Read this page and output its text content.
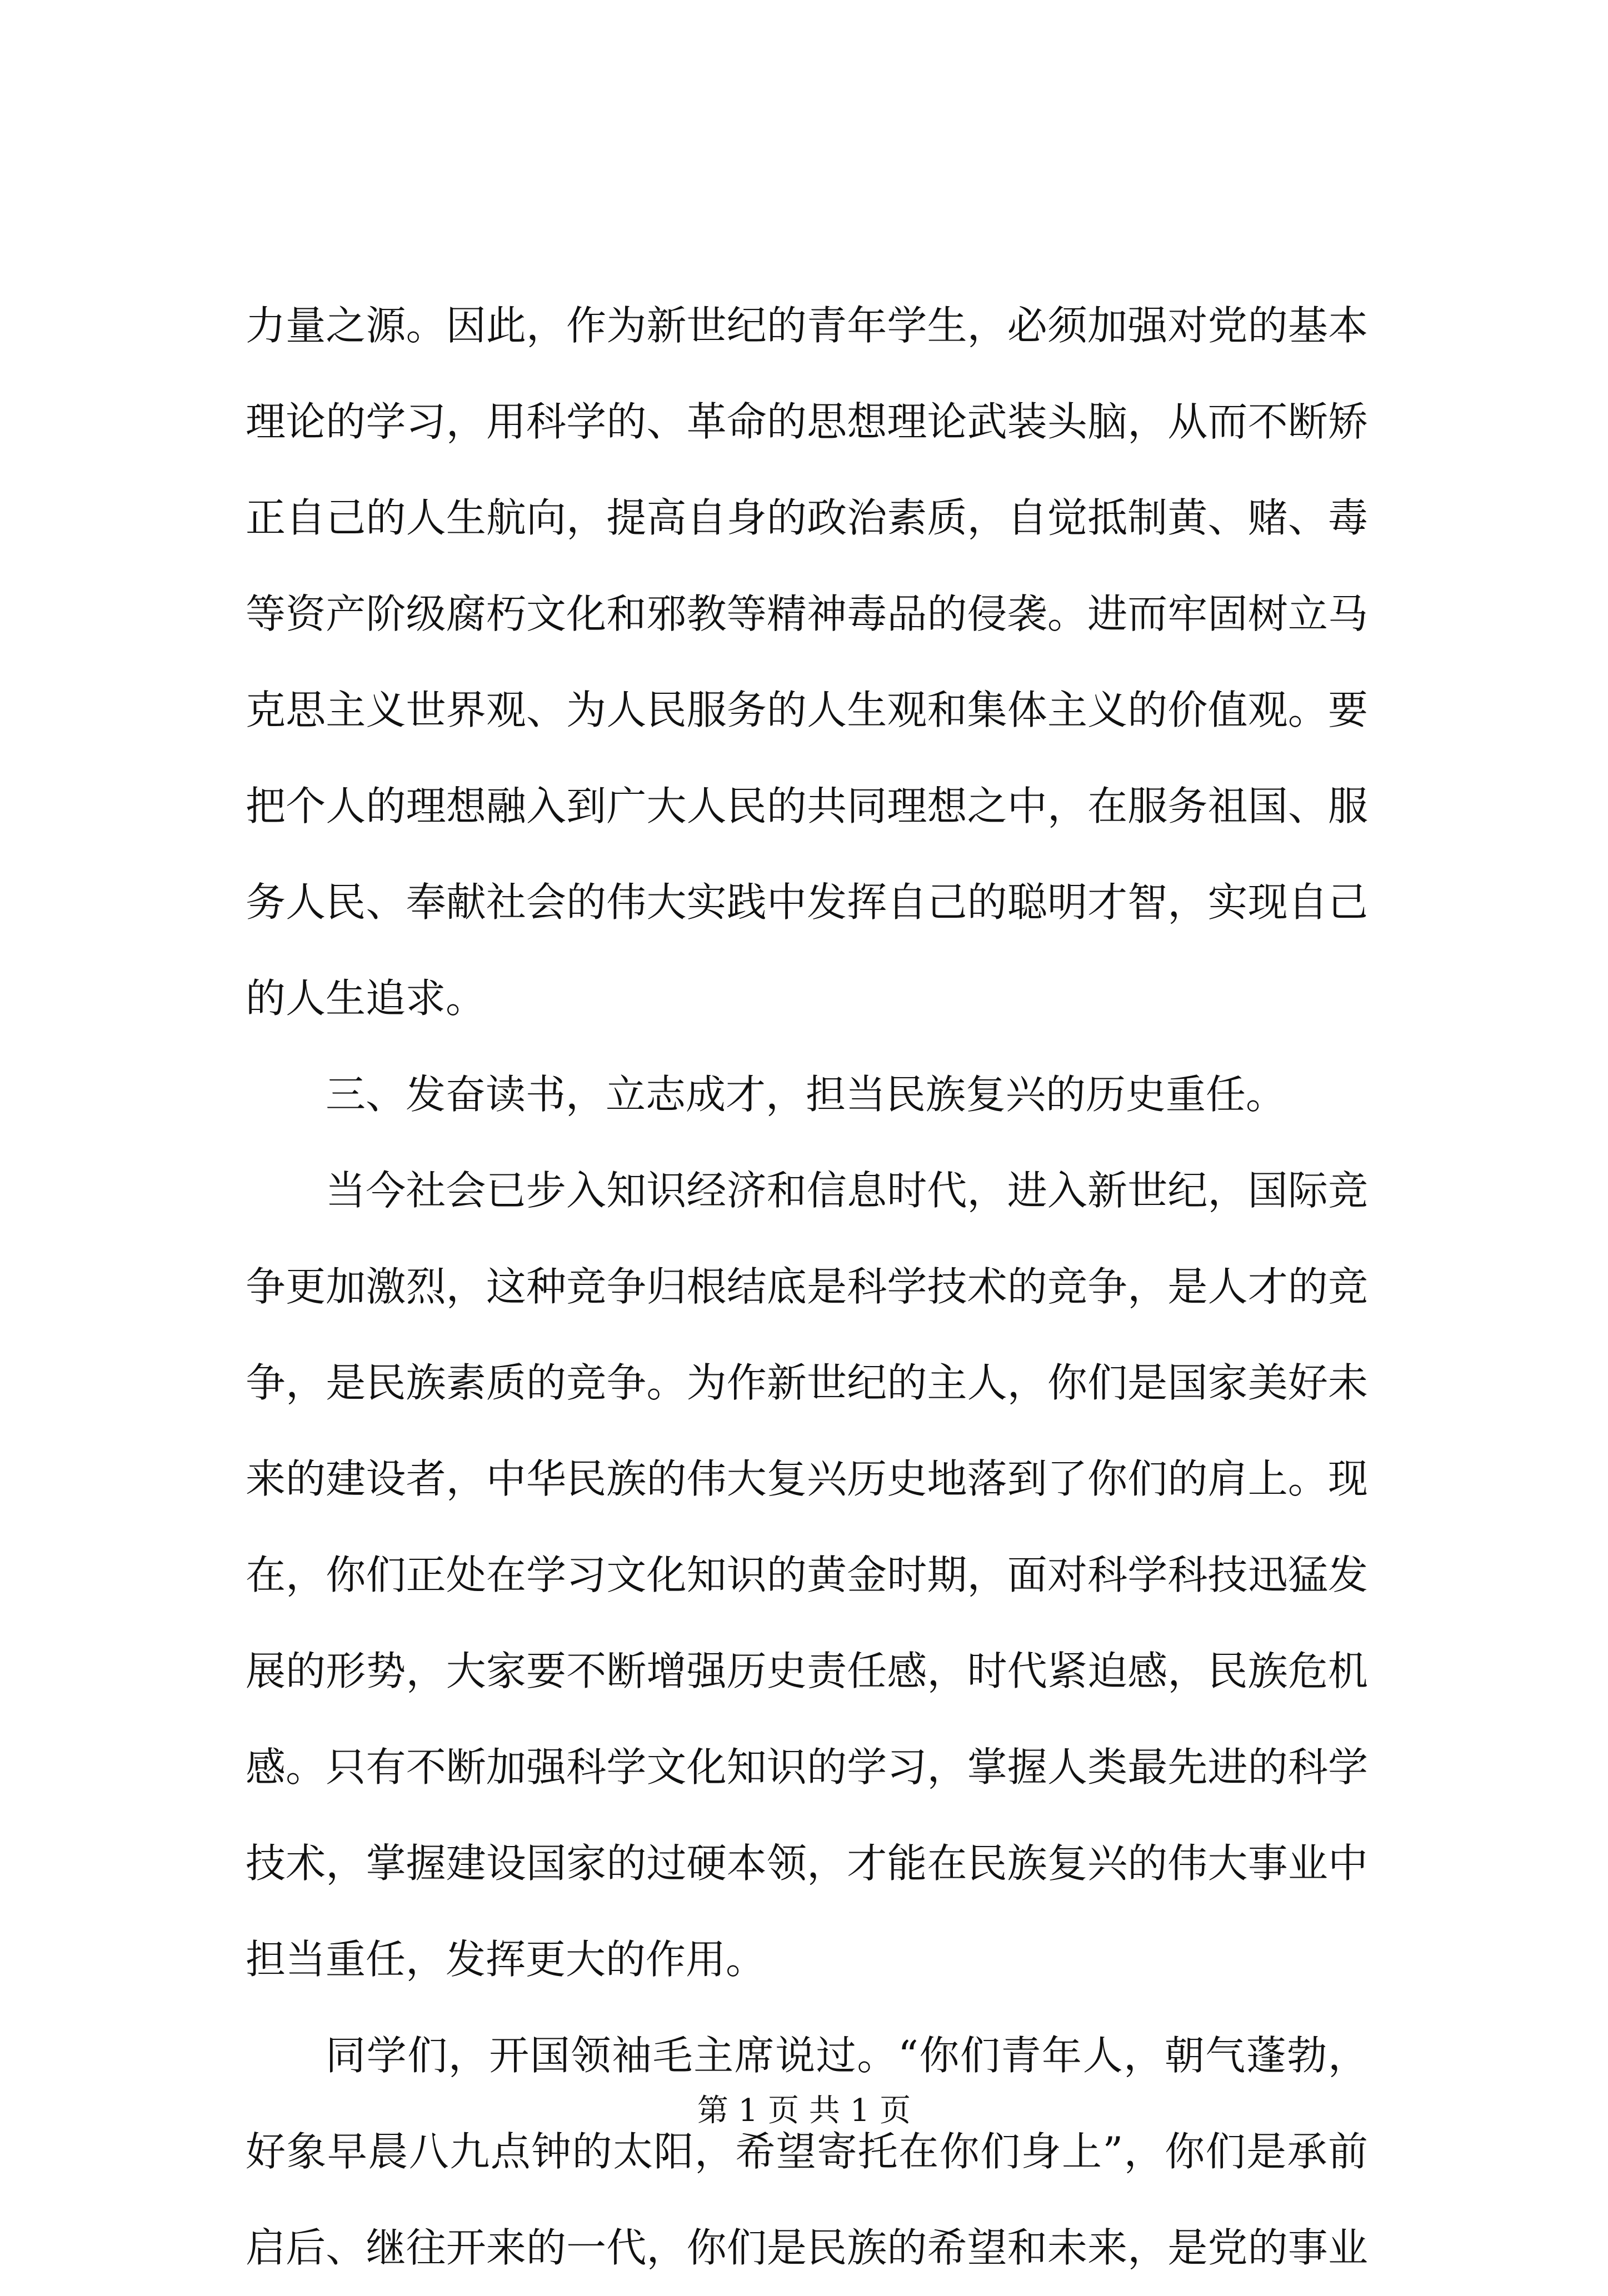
力量之源。因此，作为新世纪的青年学生，必须加强对党的基本
理论的学习，用科学的、革命的思想理论武装头脑，从而不断矫
正自己的人生航向，提高自身的政治素质，自觉抵制黄、赌、毒
等资产阶级腐朽文化和邪教等精神毒品的侵袭。进而牢固树立马
克思主义世界观、为人民服务的人生观和集体主义的价值观。要
把个人的理想融入到广大人民的共同理想之中，在服务祖国、服
务人民、奉献社会的伟大实践中发挥自己的聪明才智，实现自己
的人生追求。
三、发奋读书，立志成才，担当民族复兴的历史重任。
当今社会已步入知识经济和信息时代，进入新世纪，国际竞
争更加激烈，这种竞争归根结底是科学技术的竞争，是人才的竞
争，是民族素质的竞争。为作新世纪的主人，你们是国家美好未
来的建设者，中华民族的伟大复兴历史地落到了你们的肩上。现
在，你们正处在学习文化知识的黄金时期，面对科学科技迅猛发
展的形势，大家要不断增强历史责任感，时代紧迫感，民族危机
感。只有不断加强科学文化知识的学习，掌握人类最先进的科学
技术，掌握建设国家的过硬本领，才能在民族复兴的伟大事业中
担当重任，发挥更大的作用。
同学们，开国领袖毛主席说过。“你们青年人，朝气蓬勃，
好象早晨八九点钟的太阳，希望寄托在你们身上”，你们是承前
启后、继往开来的一代，你们是民族的希望和未来，是党的事业
第 1 页 共 1 页
